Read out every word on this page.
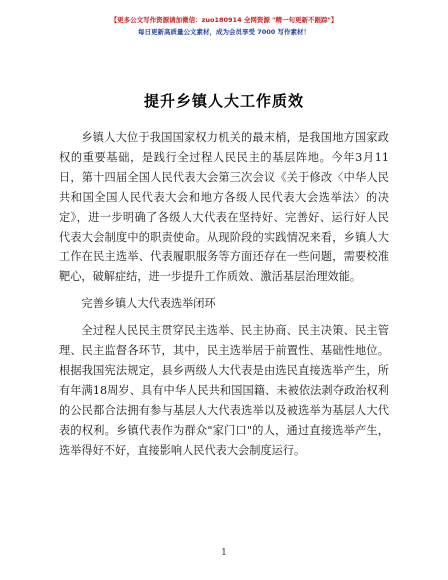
【更多公文写作资源请加微信：zuo180914 全网资源 "精一句更新不跟踪"】
每日更新高质量公文素材，成为会员享受 7000 写作素材！
提升乡镇人大工作质效

乡镇人大位于我国国家权力机关的最末梢，是我国地方国家政权的重要基础，是践行全过程人民民主的基层阵地。今年3月11日，第十四届全国人民代表大会第三次会议《关于修改〈中华人民共和国全国人民代表大会和地方各级人民代表大会选举法〉的决定》，进一步明确了各级人大代表在坚持好、完善好、运行好人民代表大会制度中的职责使命。从现阶段的实践情况来看，乡镇人大工作在民主选举、代表履职服务等方面还存在一些问题，需要校准靶心，破解症结，进一步提升工作质效、激活基层治理效能。

完善乡镇人大代表选举闭环

全过程人民民主贯穿民主选举、民主协商、民主决策、民主管理、民主监督各环节，其中，民主选举居于前置性、基础性地位。根据我国宪法规定，县乡两级人大代表是由选民直接选举产生，所有年满18周岁、具有中华人民共和国国籍、未被依法剥夺政治权利的公民都合法拥有参与基层人大代表选举以及被选举为基层人大代表的权利。乡镇代表作为群众"家门口"的人，通过直接选举产生，选举得好不好，直接影响人民代表大会制度运行。

1
